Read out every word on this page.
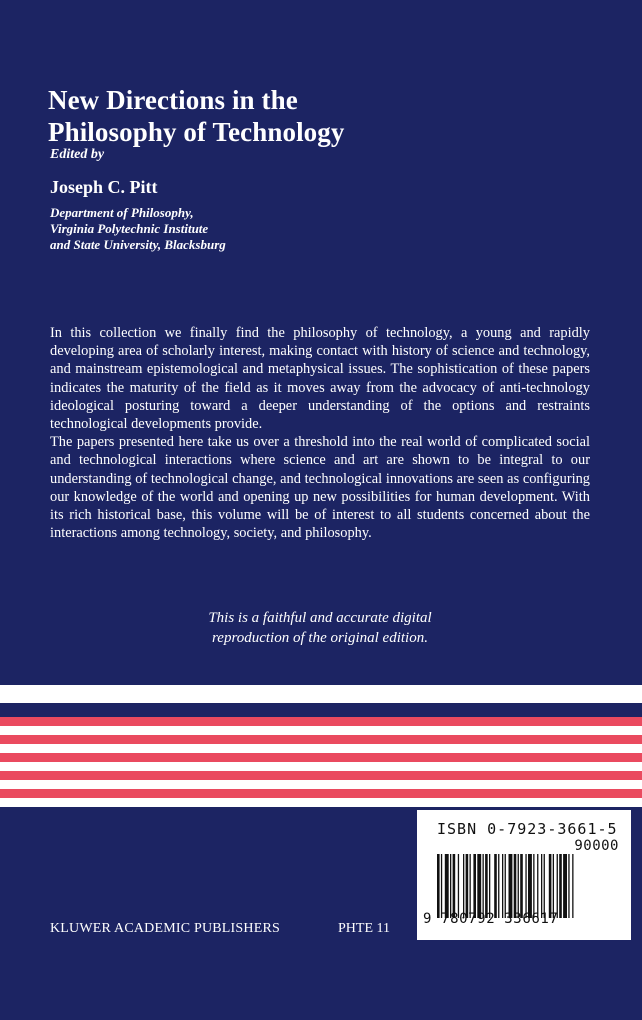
New Directions in the
Philosophy of Technology
Edited by
Joseph C. Pitt
Department of Philosophy,
Virginia Polytechnic Institute
and State University, Blacksburg

In this collection we finally find the philosophy of technology, a young and rapidly developing area of scholarly interest, making contact with history of science and technology, and mainstream epistemological and metaphysical issues. The sophistication of these papers indicates the maturity of the field as it moves away from the advocacy of anti-technology ideological posturing toward a deeper understanding of the options and restraints technological developments provide.

The papers presented here take us over a threshold into the real world of complicated social and technological interactions where science and art are shown to be integral to our understanding of technological change, and technological innovations are seen as configuring our knowledge of the world and opening up new possibilities for human development. With its rich historical base, this volume will be of interest to all students concerned about the interactions among technology, society, and philosophy.

This is a faithful and accurate digital
reproduction of the original edition.
ISBN 0-7923-3661-5
90000
9 780792 336617
KLUWER ACADEMIC PUBLISHERS	PHTE 11
